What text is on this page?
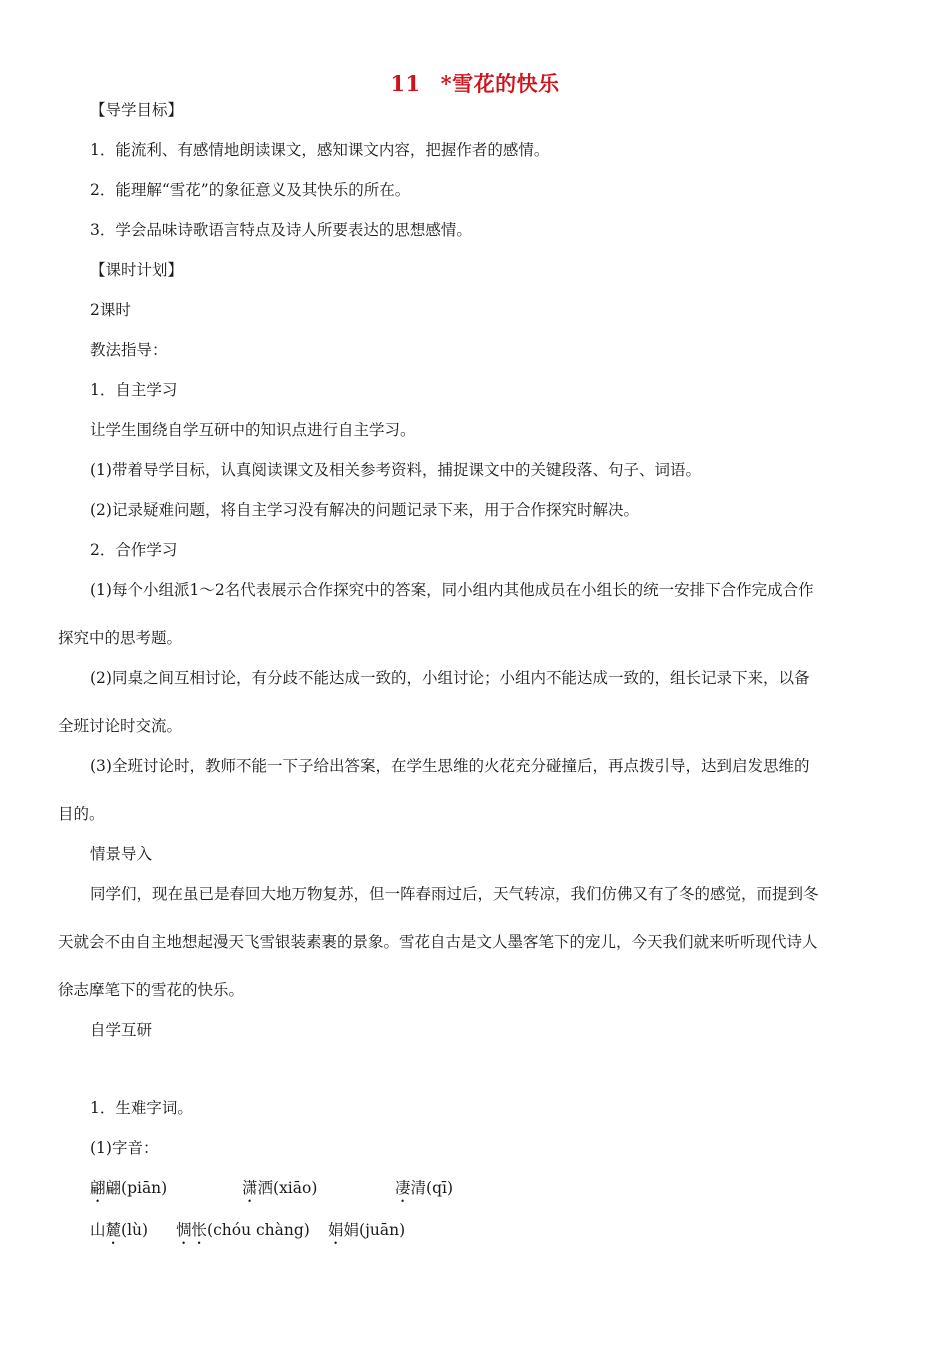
11 *雪花的快乐
【导学目标】
1．能流利、有感情地朗读课文，感知课文内容，把握作者的感情。
2．能理解“雪花”的象征意义及其快乐的所在。
3．学会品味诗歌语言特点及诗人所要表达的思想感情。
【课时计划】
2课时
教法指导：
1．自主学习
让学生围绕自学互研中的知识点进行自主学习。
(1)带着导学目标，认真阅读课文及相关参考资料，捕捉课文中的关键段落、句子、词语。
(2)记录疑难问题，将自主学习没有解决的问题记录下来，用于合作探究时解决。
2．合作学习
(1)每个小组派1～2名代表展示合作探究中的答案，同小组内其他成员在小组长的统一安排下合作完成合作
探究中的思考题。
(2)同桌之间互相讨论，有分歧不能达成一致的，小组讨论；小组内不能达成一致的，组长记录下来，以备
全班讨论时交流。
(3)全班讨论时，教师不能一下子给出答案，在学生思维的火花充分碰撞后，再点拨引导，达到启发思维的
目的。
情景导入
同学们，现在虽已是春回大地万物复苏，但一阵春雨过后，天气转凉，我们仿佛又有了冬的感觉，而提到冬
天就会不由自主地想起漫天飞雪银装素裹的景象。雪花自古是文人墨客笔下的宠儿，今天我们就来听听现代诗人
徐志摩笔下的雪花的快乐。
自学互研
1．生难字词。
(1)字音：
翩翩(piān)	潇洒(xiāo)	凄清(qī)
山麓(lù) 惆怅(chóu chàng) 娟娟(juān)
